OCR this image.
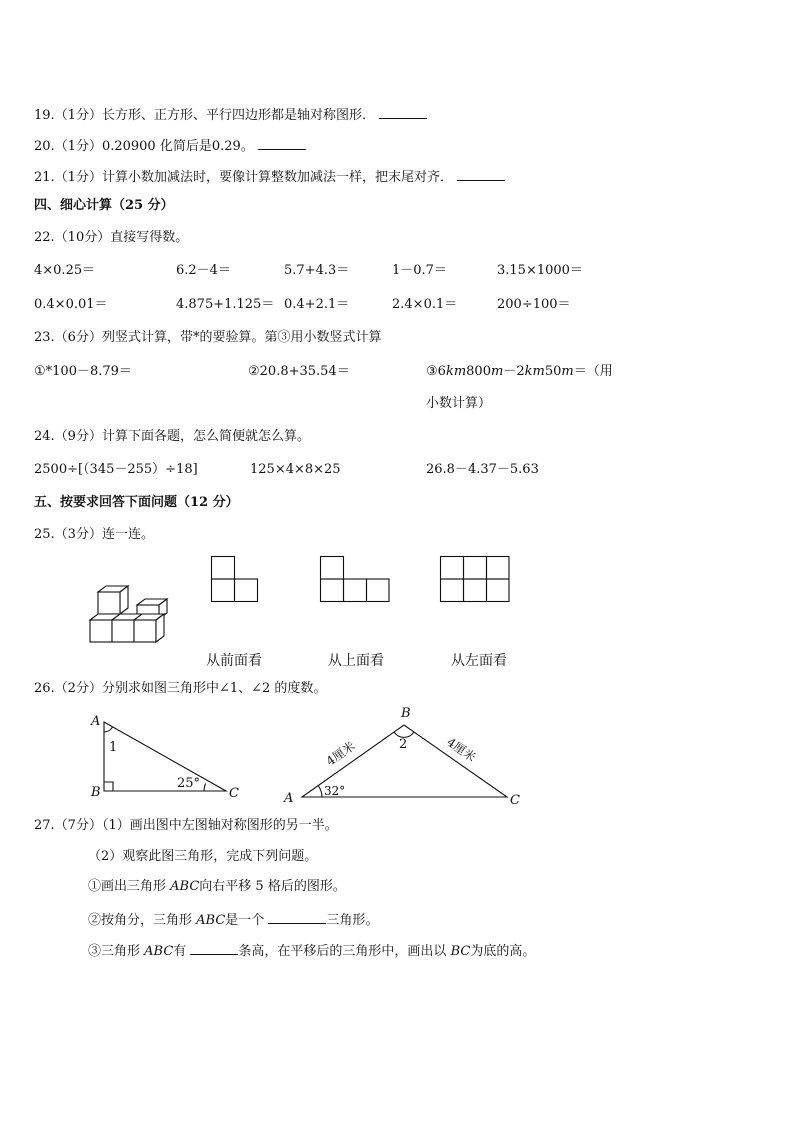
19.（1分）长方形、正方形、平行四边形都是轴对称图形．
20.（1分）0.20900 化简后是0.29。
21.（1分）计算小数加减法时，要像计算整数加减法一样，把末尾对齐．
四、细心计算（25 分）
22.（10分）直接写得数。
4×0.25＝	6.2－4＝	5.7+4.3＝	1－0.7＝	3.15×1000＝
0.4×0.01＝	4.875+1.125＝ 0.4+2.1＝	2.4×0.1＝	200÷100＝
23.（6分）列竖式计算，带*的要验算。第③用小数竖式计算
①*100－8.79＝	②20.8+35.54＝	③6km800m－2km50m＝（用
小数计算）
24.（9分）计算下面各题，怎么简便就怎么算。
2500÷[（345－255）÷18]	125×4×8×25	26.8－4.37－5.63
五、按要求回答下面问题（12 分）
25.（3分）连一连。
从前面看	从上面看	从左面看
26.（2分）分别求如图三角形中∠1、∠2 的度数。
A
B	C
1
25°
B
A	C
2
32°
4厘米	4厘米
27.（7分）（1）画出图中左图轴对称图形的另一半。
（2）观察此图三角形，完成下列问题。
①画出三角形 ABC向右平移 5 格后的图形。
②按角分，三角形 ABC是一个	三角形。
③三角形 ABC有	条高，在平移后的三角形中，画出以 BC为底的高。
